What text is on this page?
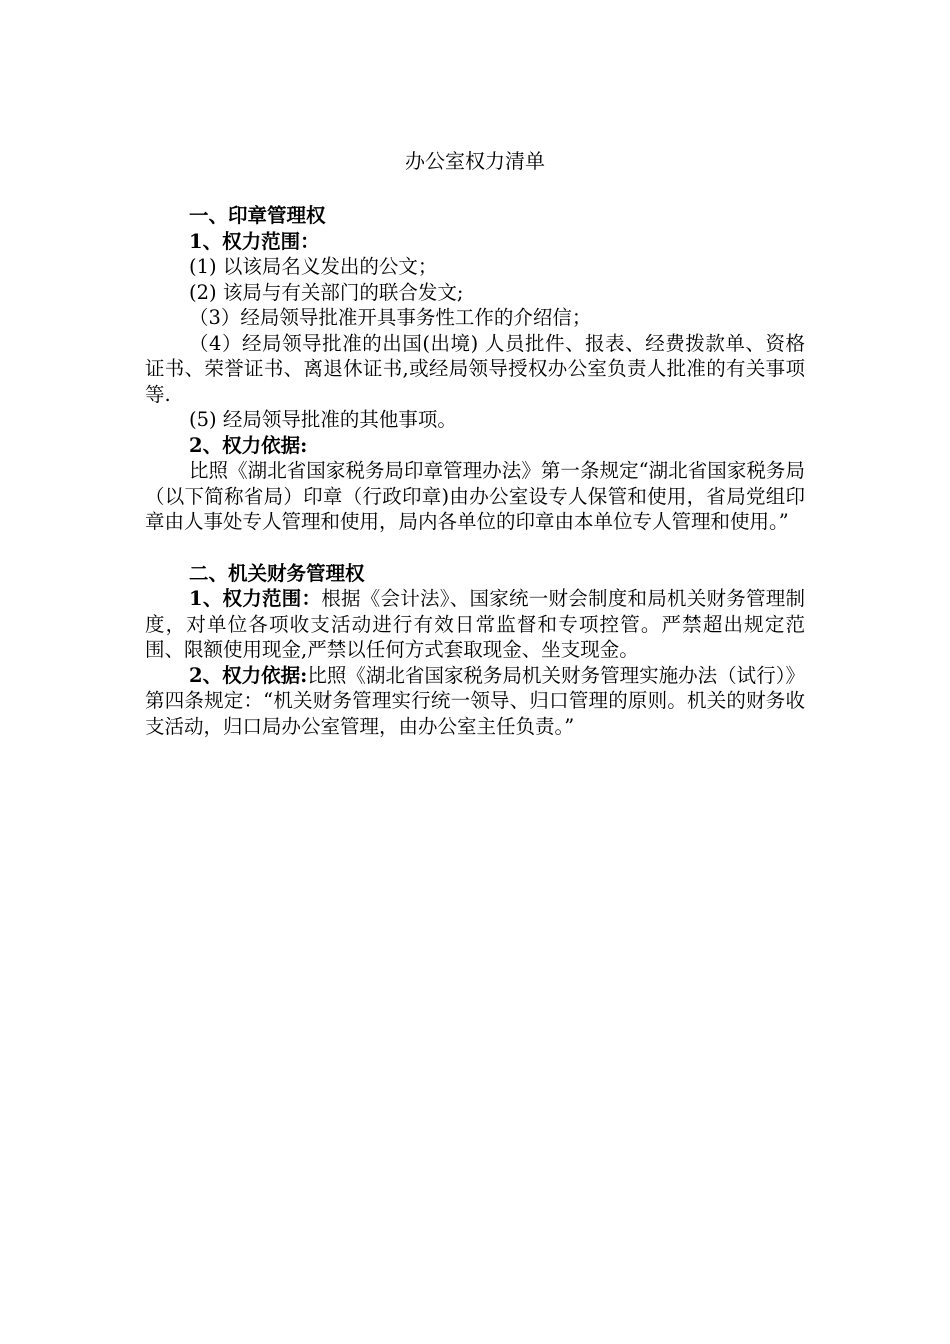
办公室权力清单

一、印章管理权

1、权力范围：

(1) 以该局名义发出的公文；

(2) 该局与有关部门的联合发文;

（3）经局领导批准开具事务性工作的介绍信；

（4）经局领导批准的出国(出境) 人员批件、报表、经费拨款单、资格证书、荣誉证书、离退休证书,或经局领导授权办公室负责人批准的有关事项等.

(5) 经局领导批准的其他事项。

2、权力依据:

比照《湖北省国家税务局印章管理办法》第一条规定“湖北省国家税务局（以下简称省局）印章（行政印章)由办公室设专人保管和使用，省局党组印章由人事处专人管理和使用，局内各单位的印章由本单位专人管理和使用。”

二、机关财务管理权

1、权力范围：根据《会计法》、国家统一财会制度和局机关财务管理制度，对单位各项收支活动进行有效日常监督和专项控管。严禁超出规定范围、限额使用现金,严禁以任何方式套取现金、坐支现金。

2、权力依据:比照《湖北省国家税务局机关财务管理实施办法（试行）》第四条规定：“机关财务管理实行统一领导、归口管理的原则。机关的财务收支活动，归口局办公室管理，由办公室主任负责。”
